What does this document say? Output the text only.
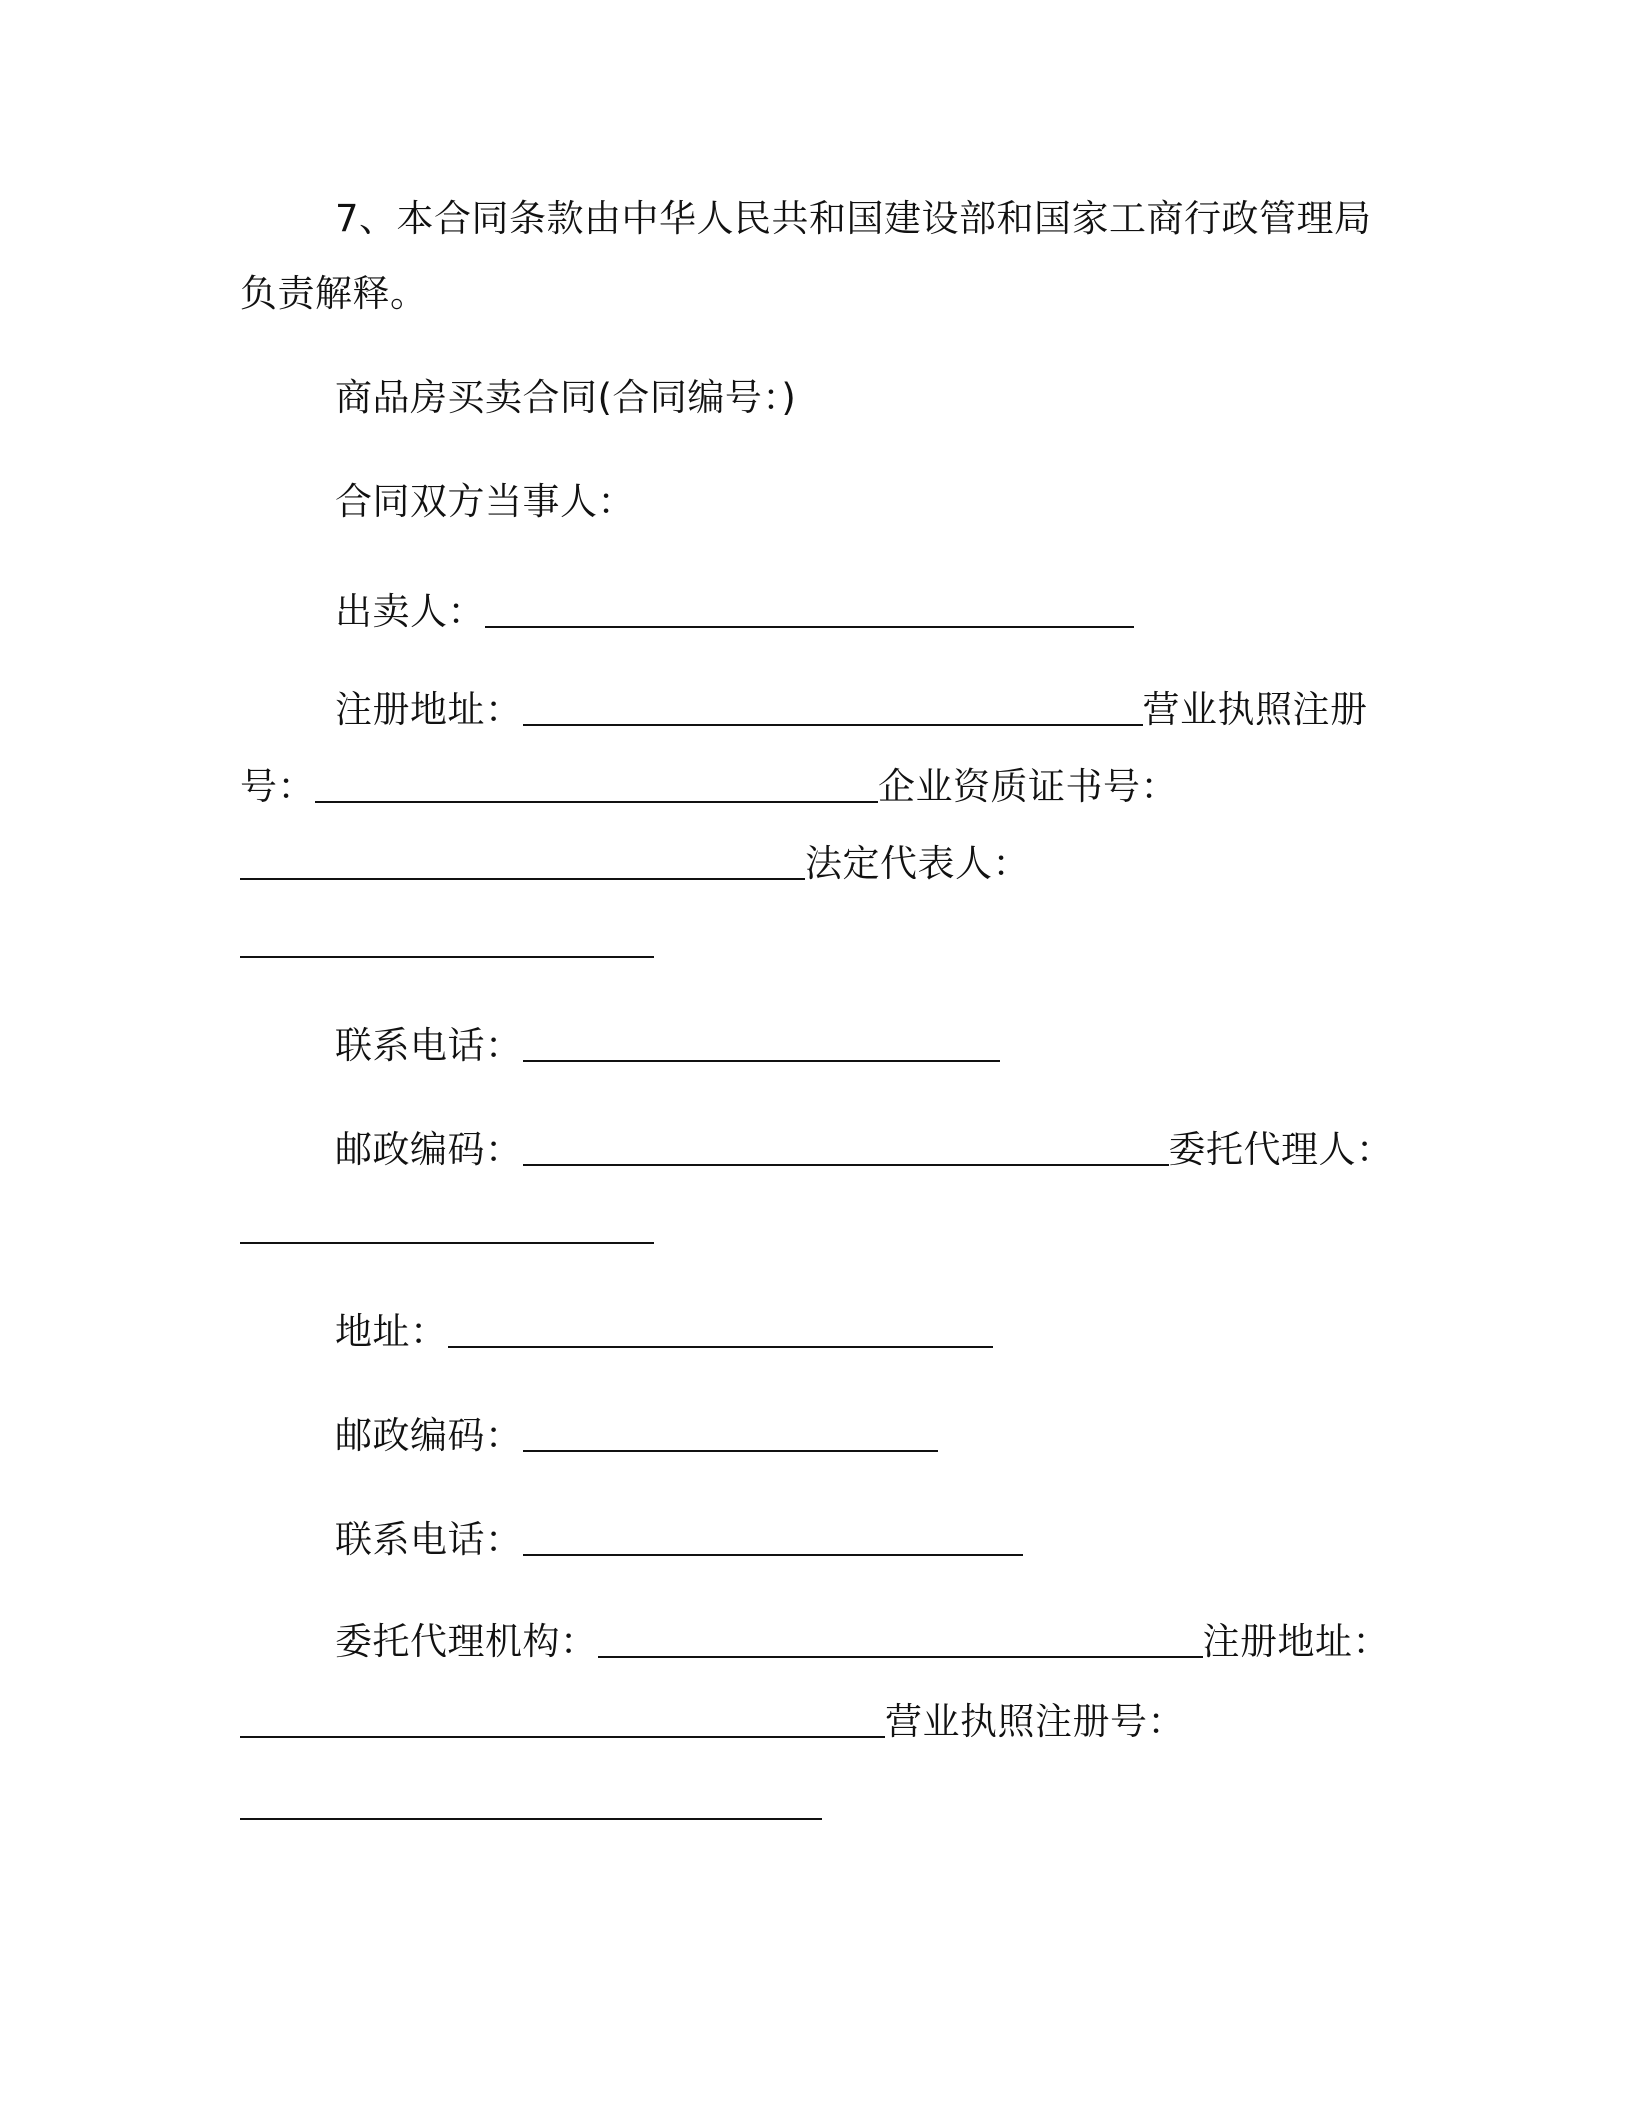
7、本合同条款由中华人民共和国建设部和国家工商行政管理局
负责解释。
商品房买卖合同(合同编号：)
合同双方当事人：
出卖人：
注册地址：	营业执照注册
号：	企业资质证书号：
法定代表人：
联系电话：
邮政编码：	委托代理人：
地址：
邮政编码：
联系电话：
委托代理机构：	注册地址：
营业执照注册号：
